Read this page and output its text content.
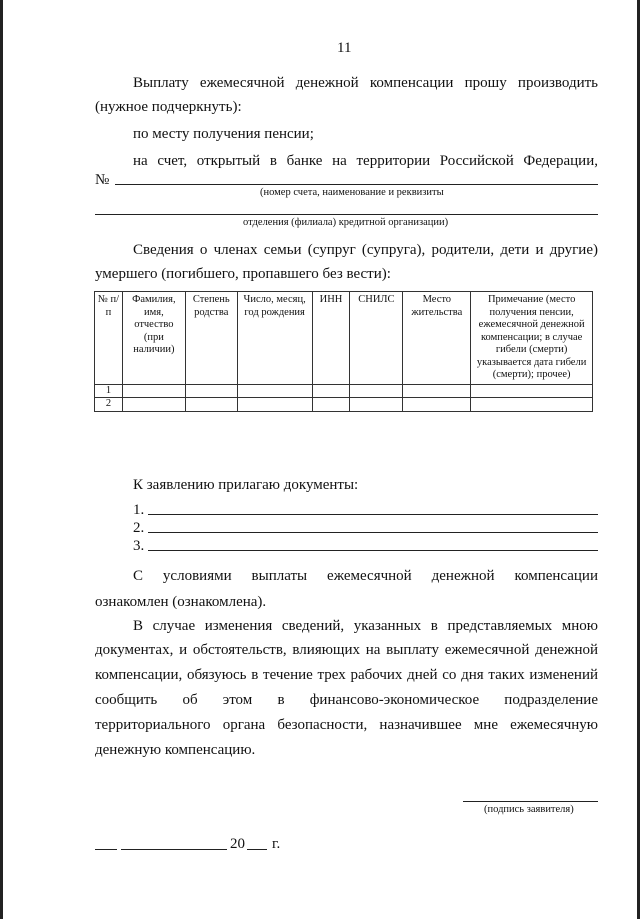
11
Выплату ежемесячной денежной компенсации прошу производить
(нужное подчеркнуть):
по месту получения пенсии;
на счет, открытый в банке на территории Российской Федерации,
№
(номер счета, наименование и реквизиты
отделения (филиала) кредитной организации)
Сведения о членах семьи (супруг (супруга), родители, дети и другие)
умершего (погибшего, пропавшего без вести):
№ п/п	Фамилия, имя, отчество (при наличии)	Степень родства	Число, месяц, год рождения	ИНН	СНИЛС	Место жительства	Примечание (место получения пенсии, ежемесячной денежной компенсации; в случае гибели (смерти) указывается дата гибели (смерти); прочее)
1							
2							
К заявлению прилагаю документы:
1.
2.
3.
С условиями выплаты ежемесячной денежной компенсации
ознакомлен (ознакомлена).
В случае изменения сведений, указанных в представляемых мною
документах, и обстоятельств, влияющих на выплату ежемесячной денежной
компенсации, обязуюсь в течение трех рабочих дней со дня таких изменений
сообщить об этом в финансово-экономическое подразделение
территориального органа безопасности, назначившее мне ежемесячную
денежную компенсацию.
(подпись заявителя)
20 г.
